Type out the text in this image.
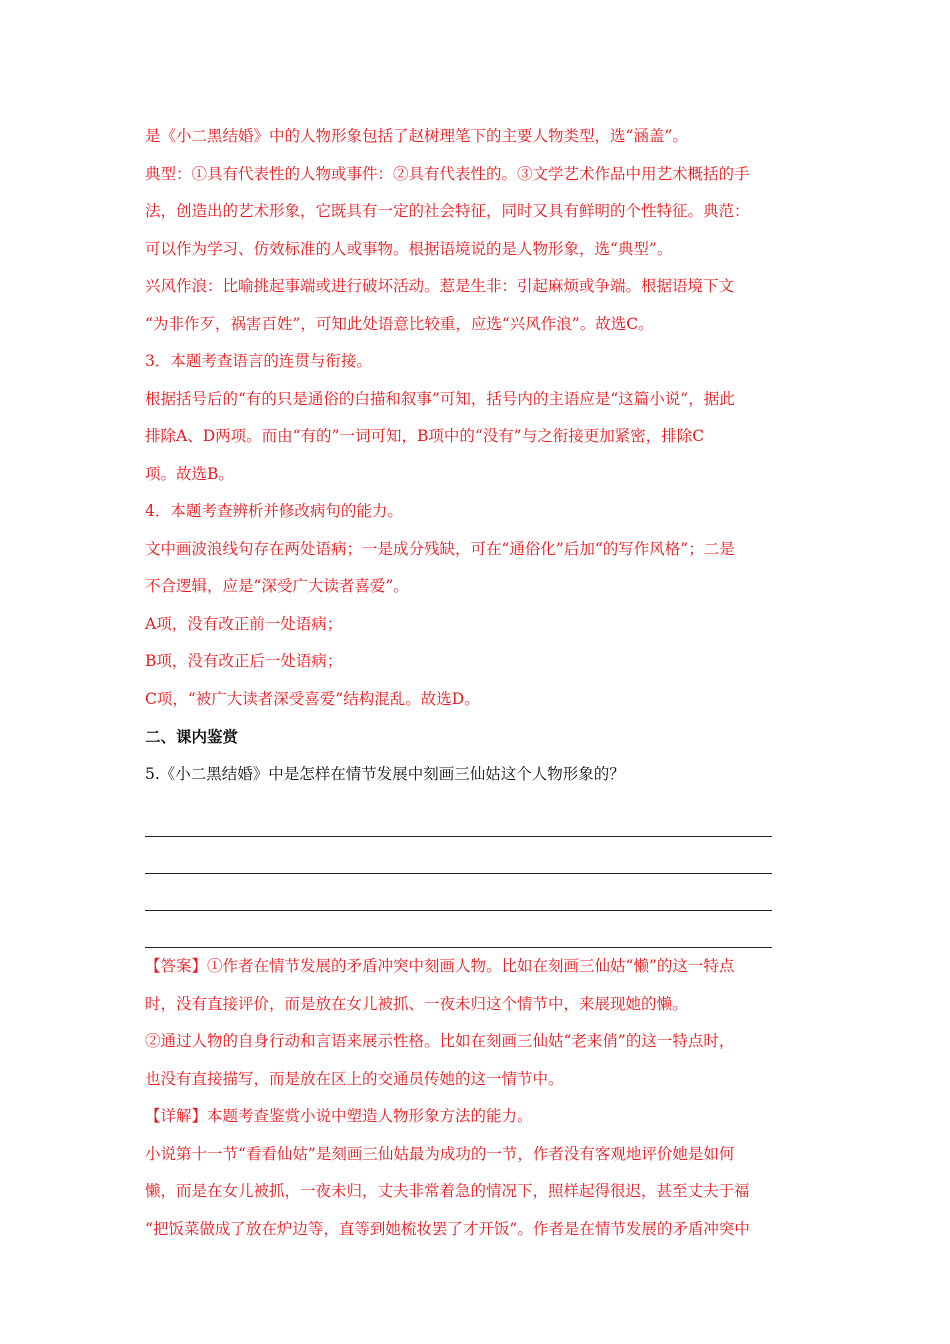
是《小二黑结婚》中的人物形象包括了赵树理笔下的主要人物类型，选“涵盖”。

典型：①具有代表性的人物或事件：②具有代表性的。③文学艺术作品中用艺术概括的手

法，创造出的艺术形象，它既具有一定的社会特征，同时又具有鲜明的个性特征。典范：

可以作为学习、仿效标准的人或事物。根据语境说的是人物形象，选“典型”。

兴风作浪：比喻挑起事端或进行破坏活动。惹是生非：引起麻烦或争端。根据语境下文

“为非作歹，祸害百姓”，可知此处语意比较重，应选“兴风作浪”。故选C。

3．本题考查语言的连贯与衔接。

根据括号后的“有的只是通俗的白描和叙事”可知，括号内的主语应是“这篇小说”，据此

排除A、D两项。而由“有的”一词可知，B项中的“没有”与之衔接更加紧密，排除C

项。故选B。

4．本题考查辨析并修改病句的能力。

文中画波浪线句存在两处语病；一是成分残缺，可在“通俗化”后加“的写作风格”；二是

不合逻辑，应是“深受广大读者喜爱”。

A项，没有改正前一处语病；

B项，没有改正后一处语病；

C项，“被广大读者深受喜爱”结构混乱。故选D。

二、课内鉴赏

5.《小二黑结婚》中是怎样在情节发展中刻画三仙姑这个人物形象的？

【答案】①作者在情节发展的矛盾冲突中刻画人物。比如在刻画三仙姑“懒”的这一特点

时，没有直接评价，而是放在女儿被抓、一夜未归这个情节中，来展现她的懒。

②通过人物的自身行动和言语来展示性格。比如在刻画三仙姑“老来俏”的这一特点时，

也没有直接描写，而是放在区上的交通员传她的这一情节中。

【详解】本题考查鉴赏小说中塑造人物形象方法的能力。

小说第十一节“看看仙姑”是刻画三仙姑最为成功的一节，作者没有客观地评价她是如何

懒，而是在女儿被抓，一夜未归，丈夫非常着急的情况下，照样起得很迟，甚至丈夫于福

“把饭菜做成了放在炉边等，直等到她梳妆罢了才开饭”。作者是在情节发展的矛盾冲突中
